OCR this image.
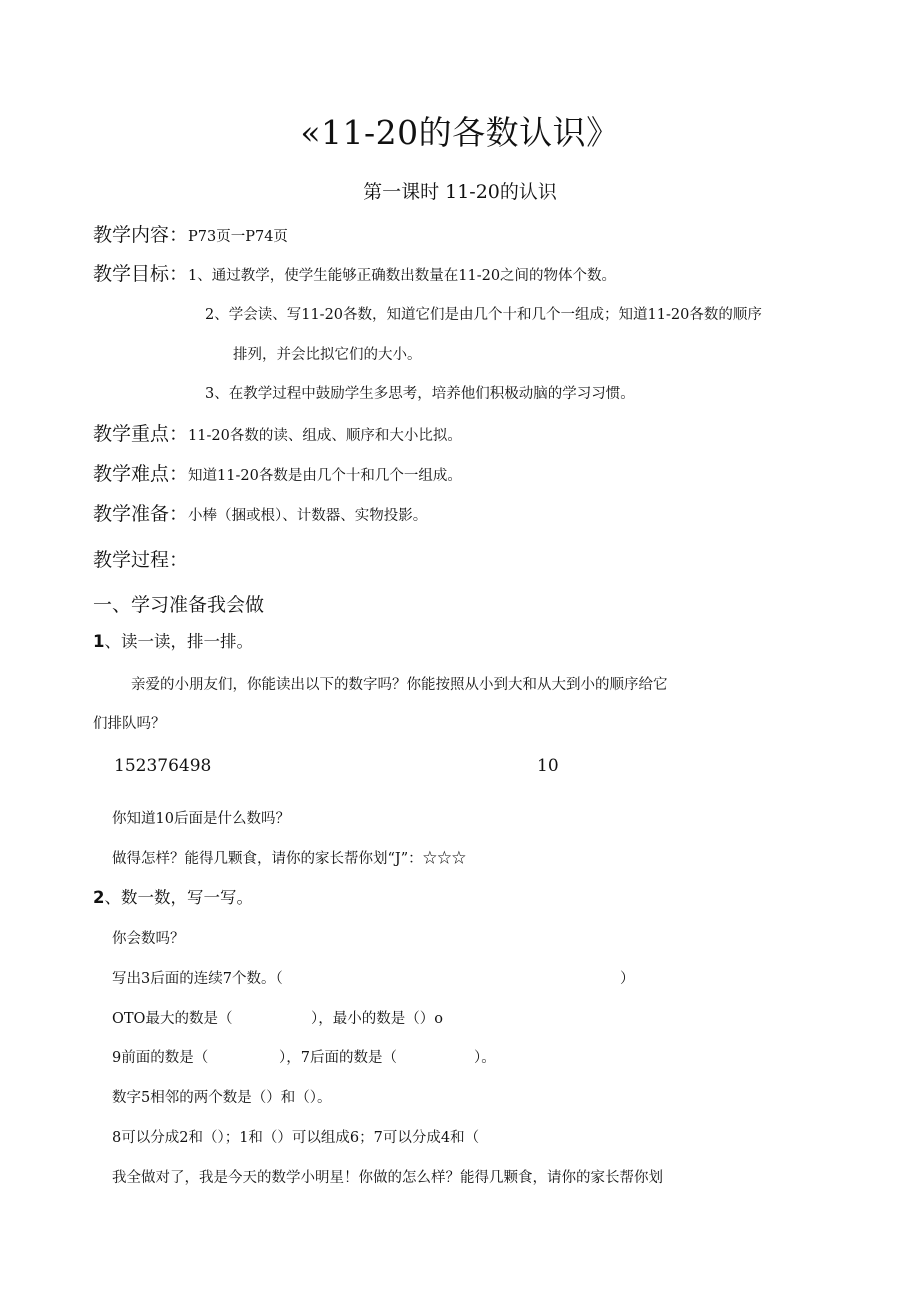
«11-20的各数认识》
第一课时 11-20的认识
教学内容： P73页一P74页
教学目标： 1、通过教学，使学生能够正确数出数量在11-20之间的物体个数。
2、学会读、写11-20各数，知道它们是由几个十和几个一组成；知道11-20各数的顺序
排列，并会比拟它们的大小。
3、在教学过程中鼓励学生多思考，培养他们积极动脑的学习习惯。
教学重点： 11-20各数的读、组成、顺序和大小比拟。
教学难点： 知道11-20各数是由几个十和几个一组成。
教学准备： 小棒（捆或根）、计数器、实物投影。
教学过程：
一、学习准备我会做
1 、读一读，排一排。
亲爱的小朋友们，你能读出以下的数字吗？你能按照从小到大和从大到小的顺序给它
们排队吗？
152376498	10
你知道10后面是什么数吗？
做得怎样？能得几颗食，请你的家长帮你划“J”：☆☆☆
2 、数一数，写一写。
你会数吗？
写出3后面的连续7个数。（	）
OTO最大的数是（	），最小的数是（）o
9前面的数是（	），7后面的数是（	）。
数字5相邻的两个数是（）和（）。
8可以分成2和（）；1和（）可以组成6；7可以分成4和（
我全做对了，我是今天的数学小明星！你做的怎么样？能得几颗食，请你的家长帮你划
